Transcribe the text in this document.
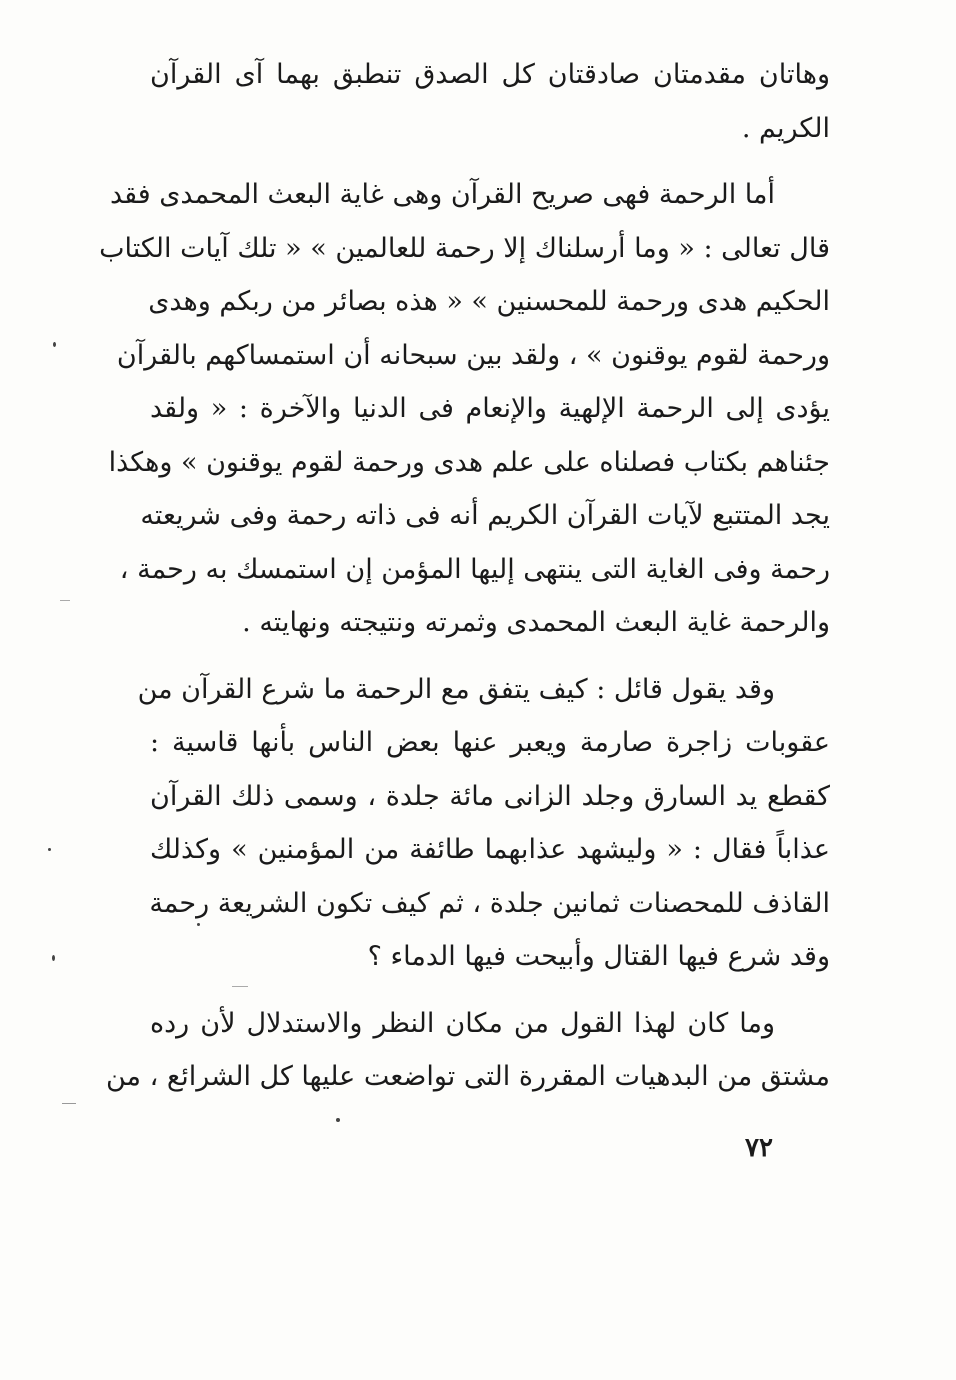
وهاتان مقدمتان صادقتان كل الصدق تنطبق بهما آى القرآن
الكريم .
أما الرحمة فهى صريح القرآن وهى غاية البعث المحمدى فقد
قال تعالى : « وما أرسلناك إلا رحمة للعالمين » « تلك آيات الكتاب
الحكيم هدى ورحمة للمحسنين » « هذه بصائر من ربكم وهدى
ورحمة لقوم يوقنون » ، ولقد بين سبحانه أن استمساكهم بالقرآن
يؤدى إلى الرحمة الإلهية والإنعام فى الدنيا والآخرة : « ولقد
جئناهم بكتاب فصلناه على علم هدى ورحمة لقوم يوقنون » وهكذا
يجد المتتبع لآيات القرآن الكريم أنه فى ذاته رحمة وفى شريعته
رحمة وفى الغاية التى ينتهى إليها المؤمن إن استمسك به رحمة ،
والرحمة غاية البعث المحمدى وثمرته ونتيجته ونهايته .
وقد يقول قائل : كيف يتفق مع الرحمة ما شرع القرآن من
عقوبات زاجرة صارمة ويعبر عنها بعض الناس بأنها قاسية :
كقطع يد السارق وجلد الزانى مائة جلدة ، وسمى ذلك القرآن
عذاباً فقال : « وليشهد عذابهما طائفة من المؤمنين » وكذلك
القاذف للمحصنات ثمانين جلدة ، ثم كيف تكون الشريعة رحمة
وقد شرع فيها القتال وأبيحت فيها الدماء ؟
وما كان لهذا القول من مكان النظر والاستدلال لأن رده
مشتق من البدهيات المقررة التى تواضعت عليها كل الشرائع ، من
٧٢
